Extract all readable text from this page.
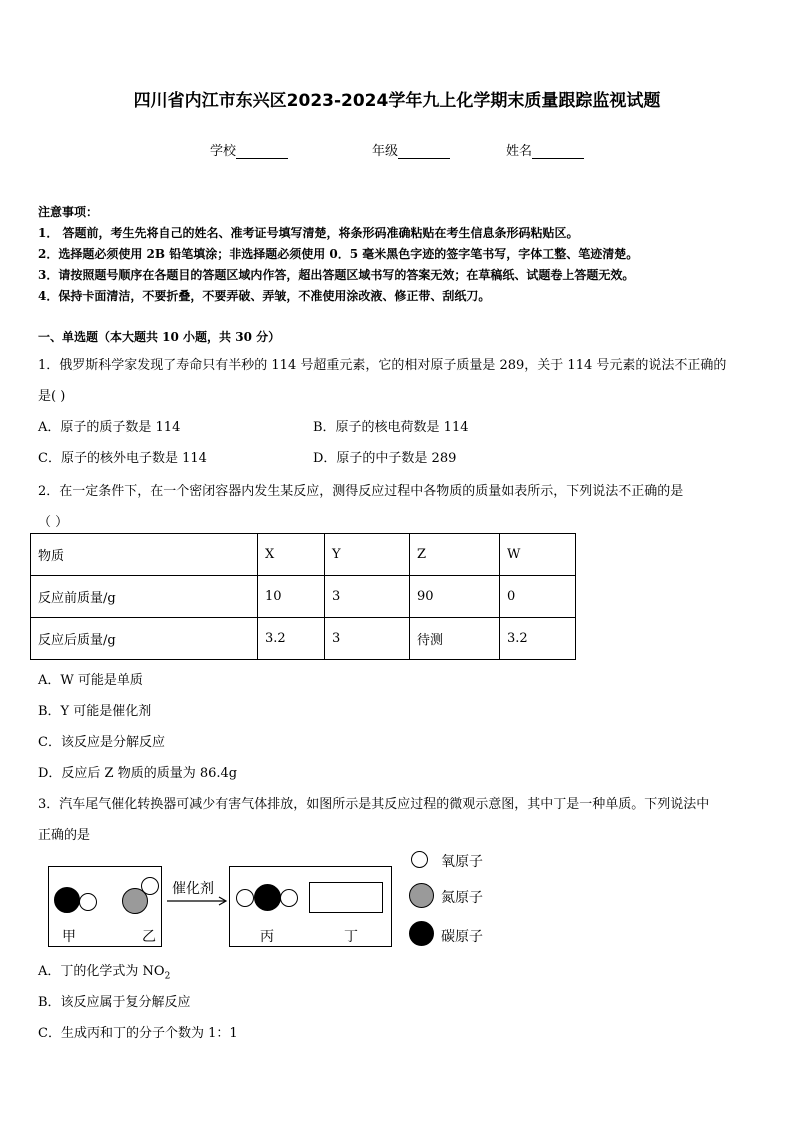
四川省内江市东兴区2023-2024学年九上化学期末质量跟踪监视试题
学校	年级	姓名
注意事项：
1． 答题前，考生先将自己的姓名、准考证号填写清楚，将条形码准确粘贴在考生信息条形码粘贴区。
2．选择题必须使用 2B 铅笔填涂；非选择题必须使用 0．5 毫米黑色字迹的签字笔书写，字体工整、笔迹清楚。
3．请按照题号顺序在各题目的答题区域内作答，超出答题区域书写的答案无效；在草稿纸、试题卷上答题无效。
4．保持卡面清洁，不要折叠，不要弄破、弄皱，不准使用涂改液、修正带、刮纸刀。
一、单选题（本大题共 10 小题，共 30 分）
1．俄罗斯科学家发现了寿命只有半秒的 114 号超重元素，它的相对原子质量是 289，关于 114 号元素的说法不正确的
是( )
A．原子的质子数是 114	B．原子的核电荷数是 114
C．原子的核外电子数是 114	D．原子的中子数是 289
2．在一定条件下，在一个密闭容器内发生某反应，测得反应过程中各物质的质量如表所示，下列说法不正确的是
（ ）
物质	X	Y	Z	W
反应前质量/g	10	3	90	0
反应后质量/g	3.2	3	待测	3.2
A．W 可能是单质
B．Y 可能是催化剂
C．该反应是分解反应
D．反应后 Z 物质的质量为 86.4g
3．汽车尾气催化转换器可减少有害气体排放，如图所示是其反应过程的微观示意图，其中丁是一种单质。下列说法中
正确的是
甲	乙
催化剂
丙	丁
氧原子
氮原子
碳原子
A．丁的化学式为 $NO_2$
B．该反应属于复分解反应
C．生成丙和丁的分子个数为 1：1
